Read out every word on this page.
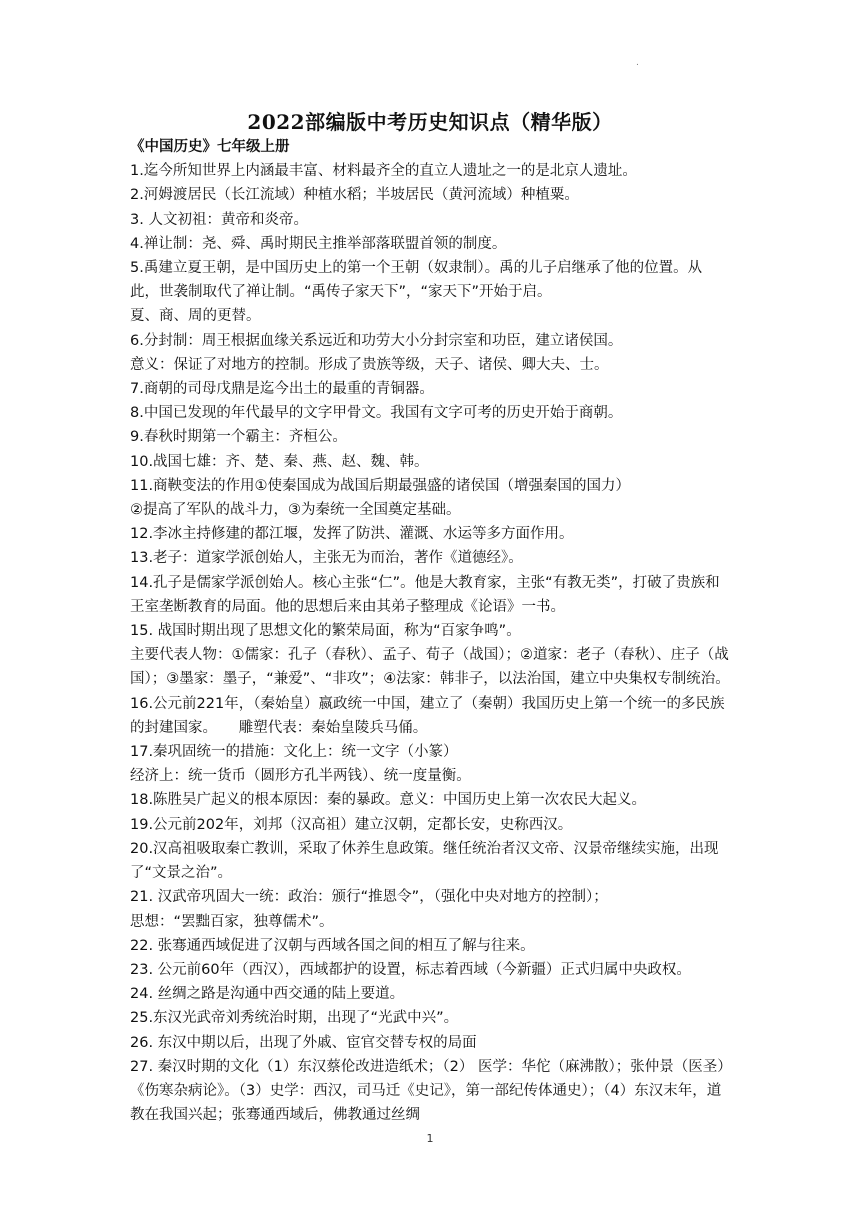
.
2022部编版中考历史知识点（精华版）

《中国历史》七年级上册

1.迄今所知世界上内涵最丰富、材料最齐全的直立人遗址之一的是北京人遗址。

2.河姆渡居民（长江流域）种植水稻；半坡居民（黄河流域）种植粟。

3. 人文初祖：黄帝和炎帝。

4.禅让制：尧、舜、禹时期民主推举部落联盟首领的制度。

5.禹建立夏王朝，是中国历史上的第一个王朝（奴隶制）。禹的儿子启继承了他的位置。从此，世袭制取代了禅让制。“禹传子家天下”，“家天下”开始于启。

夏、商、周的更替。

6.分封制：周王根据血缘关系远近和功劳大小分封宗室和功臣，建立诸侯国。

意义：保证了对地方的控制。形成了贵族等级，天子、诸侯、卿大夫、士。

7.商朝的司母戊鼎是迄今出土的最重的青铜器。

8.中国已发现的年代最早的文字甲骨文。我国有文字可考的历史开始于商朝。

9.春秋时期第一个霸主：齐桓公。

10.战国七雄：齐、楚、秦、燕、赵、魏、韩。

11.商鞅变法的作用①使秦国成为战国后期最强盛的诸侯国（增强秦国的国力）

②提高了军队的战斗力，③为秦统一全国奠定基础。

12.李冰主持修建的都江堰，发挥了防洪、灌溉、水运等多方面作用。

13.老子：道家学派创始人，主张无为而治，著作《道德经》。

14.孔子是儒家学派创始人。核心主张“仁”。他是大教育家，主张“有教无类”，打破了贵族和王室垄断教育的局面。他的思想后来由其弟子整理成《论语》一书。

15. 战国时期出现了思想文化的繁荣局面，称为“百家争鸣”。

主要代表人物：①儒家：孔子（春秋）、孟子、荀子（战国）；②道家：老子（春秋）、庄子（战国）；③墨家：墨子，“兼爱”、“非攻”；④法家：韩非子，以法治国，建立中央集权专制统治。

16.公元前221年，（秦始皇）嬴政统一中国，建立了（秦朝）我国历史上第一个统一的多民族的封建国家。　　雕塑代表：秦始皇陵兵马俑。

17.秦巩固统一的措施：文化上：统一文字（小篆）

经济上：统一货币（圆形方孔半两钱）、统一度量衡。

18.陈胜吴广起义的根本原因：秦的暴政。意义：中国历史上第一次农民大起义。

19.公元前202年，刘邦（汉高祖）建立汉朝，定都长安，史称西汉。

20.汉高祖吸取秦亡教训，采取了休养生息政策。继任统治者汉文帝、汉景帝继续实施，出现了“文景之治”。

21. 汉武帝巩固大一统：政治：颁行“推恩令”，（强化中央对地方的控制）；

思想：“罢黜百家，独尊儒术”。

22. 张骞通西域促进了汉朝与西域各国之间的相互了解与往来。

23. 公元前60年（西汉），西域都护的设置，标志着西域（今新疆）正式归属中央政权。

24. 丝绸之路是沟通中西交通的陆上要道。

25.东汉光武帝刘秀统治时期，出现了“光武中兴”。

26. 东汉中期以后，出现了外戚、宦官交替专权的局面

27. 秦汉时期的文化（1）东汉蔡伦改进造纸术；（2） 医学：华佗（麻沸散）；张仲景（医圣）《伤寒杂病论》。（3）史学：西汉，司马迁《史记》，第一部纪传体通史）；（4）东汉末年，道教在我国兴起；张骞通西域后，佛教通过丝绸

1
